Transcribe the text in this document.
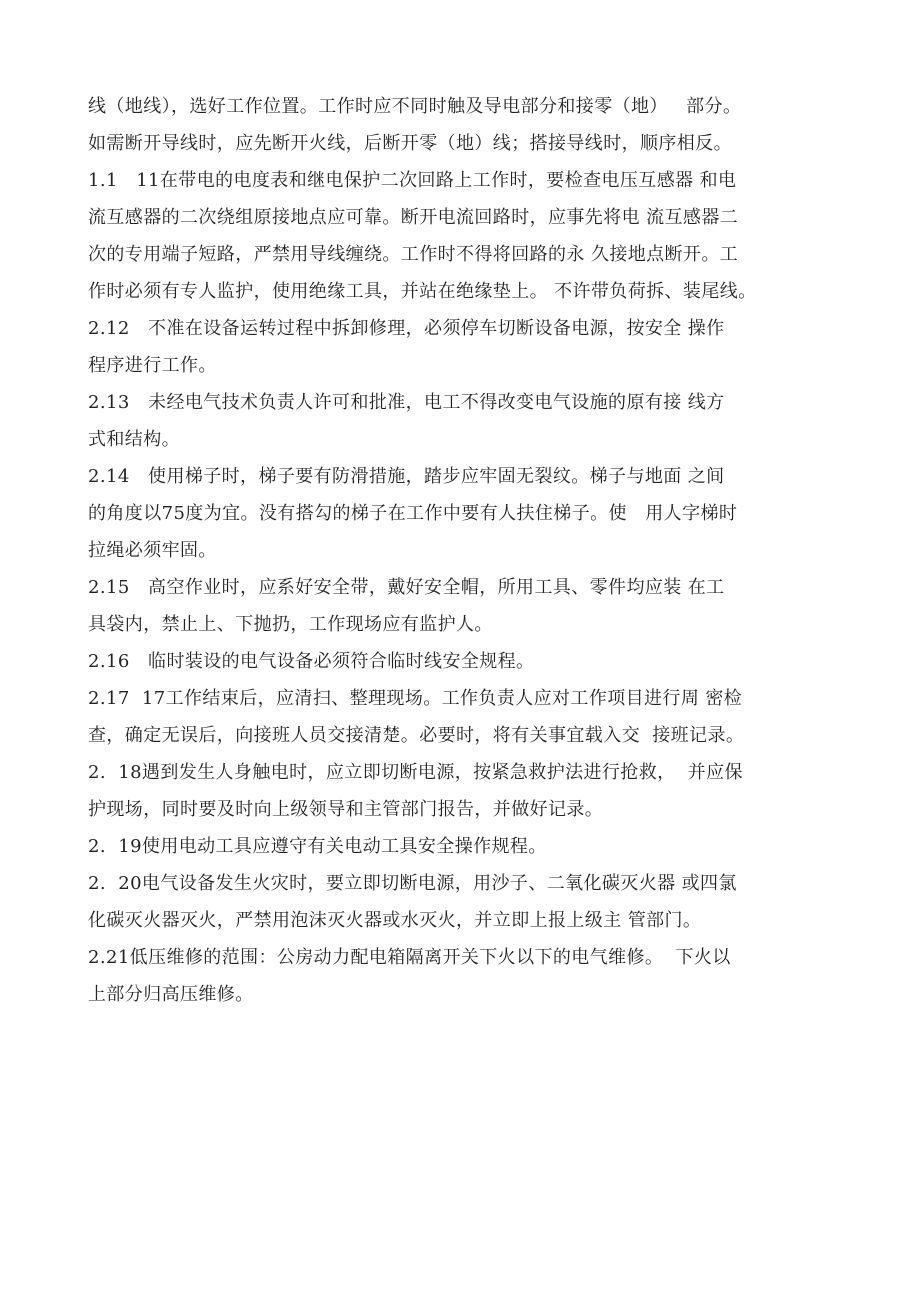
线（地线），选好工作位置。工作时应不同时触及导电部分和接零（地）   部分。
如需断开导线时，应先断开火线，后断开零（地）线；搭接导线时，顺序相反。
1.1   11在带电的电度表和继电保护二次回路上工作时，要检查电压互感器 和电
流互感器的二次绕组原接地点应可靠。断开电流回路时，应事先将电 流互感器二
次的专用端子短路，严禁用导线缠绕。工作时不得将回路的永 久接地点断开。工
作时必须有专人监护，使用绝缘工具，并站在绝缘垫上。 不许带负荷拆、装尾线。
2.12   不准在设备运转过程中拆卸修理，必须停车切断设备电源，按安全 操作
程序进行工作。
2.13   未经电气技术负责人许可和批准，电工不得改变电气设施的原有接 线方
式和结构。
2.14   使用梯子时，梯子要有防滑措施，踏步应牢固无裂纹。梯子与地面 之间
的角度以75度为宜。没有搭勾的梯子在工作中要有人扶住梯子。使   用人字梯时
拉绳必须牢固。
2.15   高空作业时，应系好安全带，戴好安全帽，所用工具、零件均应装 在工
具袋内，禁止上、下抛扔，工作现场应有监护人。
2.16   临时装设的电气设备必须符合临时线安全规程。
2.17  17工作结束后，应清扫、整理现场。工作负责人应对工作项目进行周 密检
查，确定无误后，向接班人员交接清楚。必要时，将有关事宜载入交  接班记录。
2.  18遇到发生人身触电时，应立即切断电源，按紧急救护法进行抢救，  并应保
护现场，同时要及时向上级领导和主管部门报告，并做好记录。
2.  19使用电动工具应遵守有关电动工具安全操作规程。
2.  20电气设备发生火灾时，要立即切断电源，用沙子、二氧化碳灭火器 或四氯
化碳灭火器灭火，严禁用泡沫灭火器或水灭火，并立即上报上级主 管部门。
2.21低压维修的范围：公房动力配电箱隔离开关下火以下的电气维修。  下火以
上部分归高压维修。
